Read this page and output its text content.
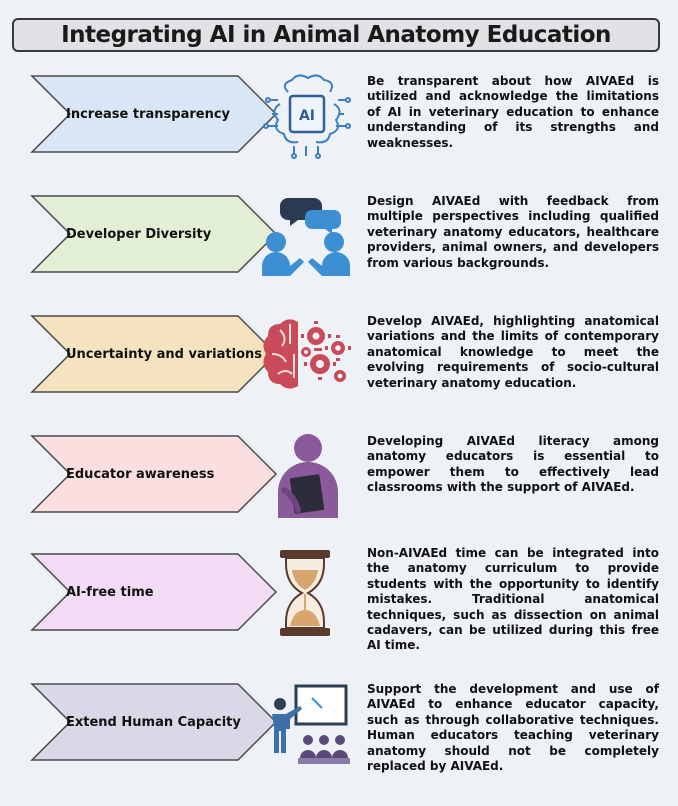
Integrating AI in Animal Anatomy Education
Increase transparency	AI
Be transparent about how AIVAEd is utilized and acknowledge the limitations of AI in veterinary education to enhance understanding of its strengths and weaknesses.
Developer Diversity
Design AIVAEd with feedback from multiple perspectives including qualified veterinary anatomy educators, healthcare providers, animal owners, and developers from various backgrounds.
Uncertainty and variations
Develop AIVAEd, highlighting anatomical variations and the limits of contemporary anatomical knowledge to meet the evolving requirements of socio-cultural veterinary anatomy education.
Educator awareness
Developing AIVAEd literacy among anatomy educators is essential to empower them to effectively lead classrooms with the support of AIVAEd.
AI-free time
Non-AIVAEd time can be integrated into the anatomy curriculum to provide students with the opportunity to identify mistakes. Traditional anatomical techniques, such as dissection on animal cadavers, can be utilized during this free AI time.
Extend Human Capacity
Support the development and use of AIVAEd to enhance educator capacity, such as through collaborative techniques. Human educators teaching veterinary anatomy should not be completely replaced by AIVAEd.
